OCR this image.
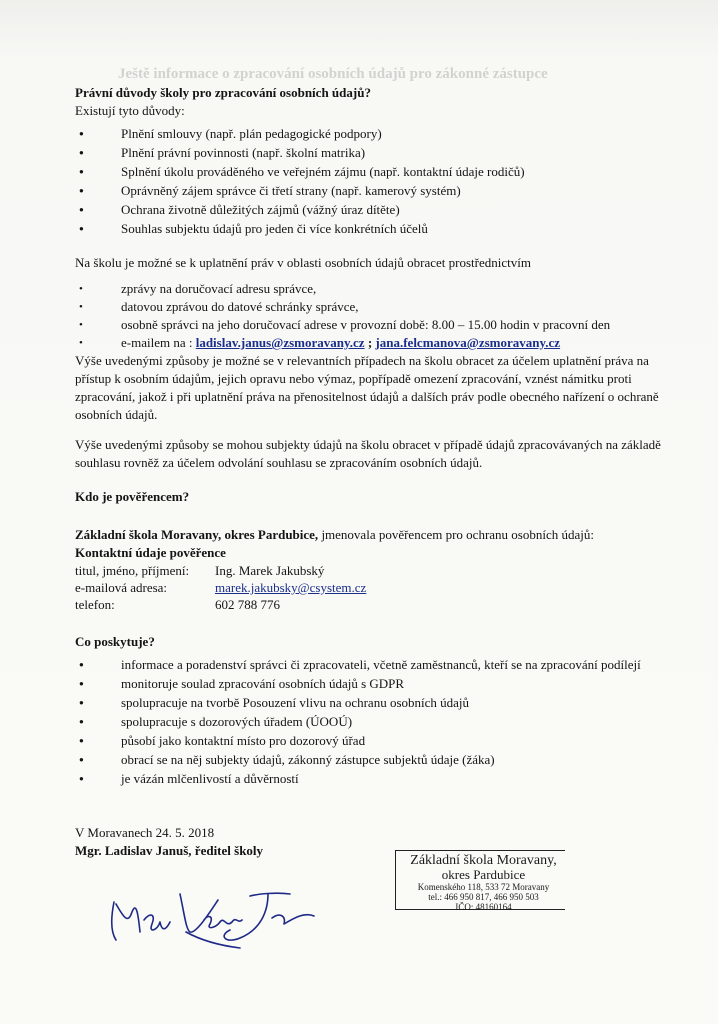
Ještě informace o zpracování osobních údajů pro zákonné zástupce

Právní důvody školy pro zpracování osobních údajů?

Existují tyto důvody:

● Plnění smlouvy (např. plán pedagogické podpory)
● Plnění právní povinnosti (např. školní matrika)
● Splnění úkolu prováděného ve veřejném zájmu (např. kontaktní údaje rodičů)
● Oprávněný zájem správce či třetí strany (např. kamerový systém)
● Ochrana životně důležitých zájmů (vážný úraz dítěte)
● Souhlas subjektu údajů pro jeden či více konkrétních účelů

Na školu je možné se k uplatnění práv v oblasti osobních údajů obracet prostřednictvím

• zprávy na doručovací adresu správce,
• datovou zprávou do datové schránky správce,
• osobně správci na jeho doručovací adrese v provozní době: 8.00 – 15.00 hodin v pracovní den
• e-mailem na : ladislav.janus@zsmoravany.cz ; jana.felcmanova@zsmoravany.cz

Výše uvedenými způsoby je možné se v relevantních případech na školu obracet za účelem uplatnění práva na přístup k osobním údajům, jejich opravu nebo výmaz, popřípadě omezení zpracování, vznést námitku proti zpracování, jakož i při uplatnění práva na přenositelnost údajů a dalších práv podle obecného nařízení o ochraně osobních údajů.

Výše uvedenými způsoby se mohou subjekty údajů na školu obracet v případě údajů zpracovávaných na základě souhlasu rovněž za účelem odvolání souhlasu se zpracováním osobních údajů.

Kdo je pověřencem?

Základní škola Moravany, okres Pardubice, jmenovala pověřencem pro ochranu osobních údajů:

Kontaktní údaje pověřence

titul, jméno, příjmení:	Ing. Marek Jakubský
e-mailová adresa:	marek.jakubsky@csystem.cz
telefon:	602 788 776

Co poskytuje?

● informace a poradenství správci či zpracovateli, včetně zaměstnanců, kteří se na zpracování podílejí
● monitoruje soulad zpracování osobních údajů s GDPR
● spolupracuje na tvorbě Posouzení vlivu na ochranu osobních údajů
● spolupracuje s dozorových úřadem (ÚOOÚ)
● působí jako kontaktní místo pro dozorový úřad
● obrací se na něj subjekty údajů, zákonný zástupce subjektů údaje (žáka)
● je vázán mlčenlivostí a důvěrností

V Moravanech 24. 5. 2018

Mgr. Ladislav Januš, ředitel školy

Základní škola Moravany,
okres Pardubice
Komenského 118, 533 72 Moravany
tel.: 466 950 817, 466 950 503
IČO: 48160164
